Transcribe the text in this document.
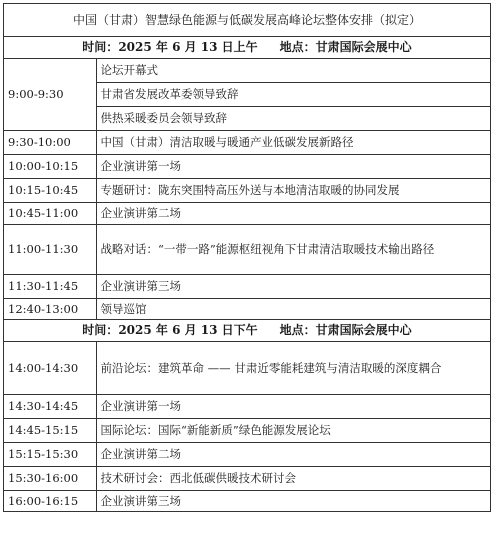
中国（甘肃）智慧绿色能源与低碳发展高峰论坛整体安排（拟定）	
时间：2025 年 6 月 13 日上午 地点：甘肃国际会展中心	
9:00-9:30	论坛开幕式
	甘肃省发展改革委领导致辞
	供热采暖委员会领导致辞
9:30-10:00	中国（甘肃）清洁取暖与暖通产业低碳发展新路径
10:00-10:15	企业演讲第一场
10:15-10:45	专题研讨：陇东突围特高压外送与本地清洁取暖的协同发展
10:45-11:00	企业演讲第二场
11:00-11:30	战略对话：“一带一路”能源枢纽视角下甘肃清洁取暖技术输出路径
11:30-11:45	企业演讲第三场
12:40-13:00	领导巡馆
时间：2025 年 6 月 13 日下午 地点：甘肃国际会展中心	
14:00-14:30	前沿论坛：建筑革命 —— 甘肃近零能耗建筑与清洁取暖的深度耦合
14:30-14:45	企业演讲第一场
14:45-15:15	国际论坛：国际“新能新质”绿色能源发展论坛
15:15-15:30	企业演讲第二场
15:30-16:00	技术研讨会：西北低碳供暖技术研讨会
16:00-16:15	企业演讲第三场
